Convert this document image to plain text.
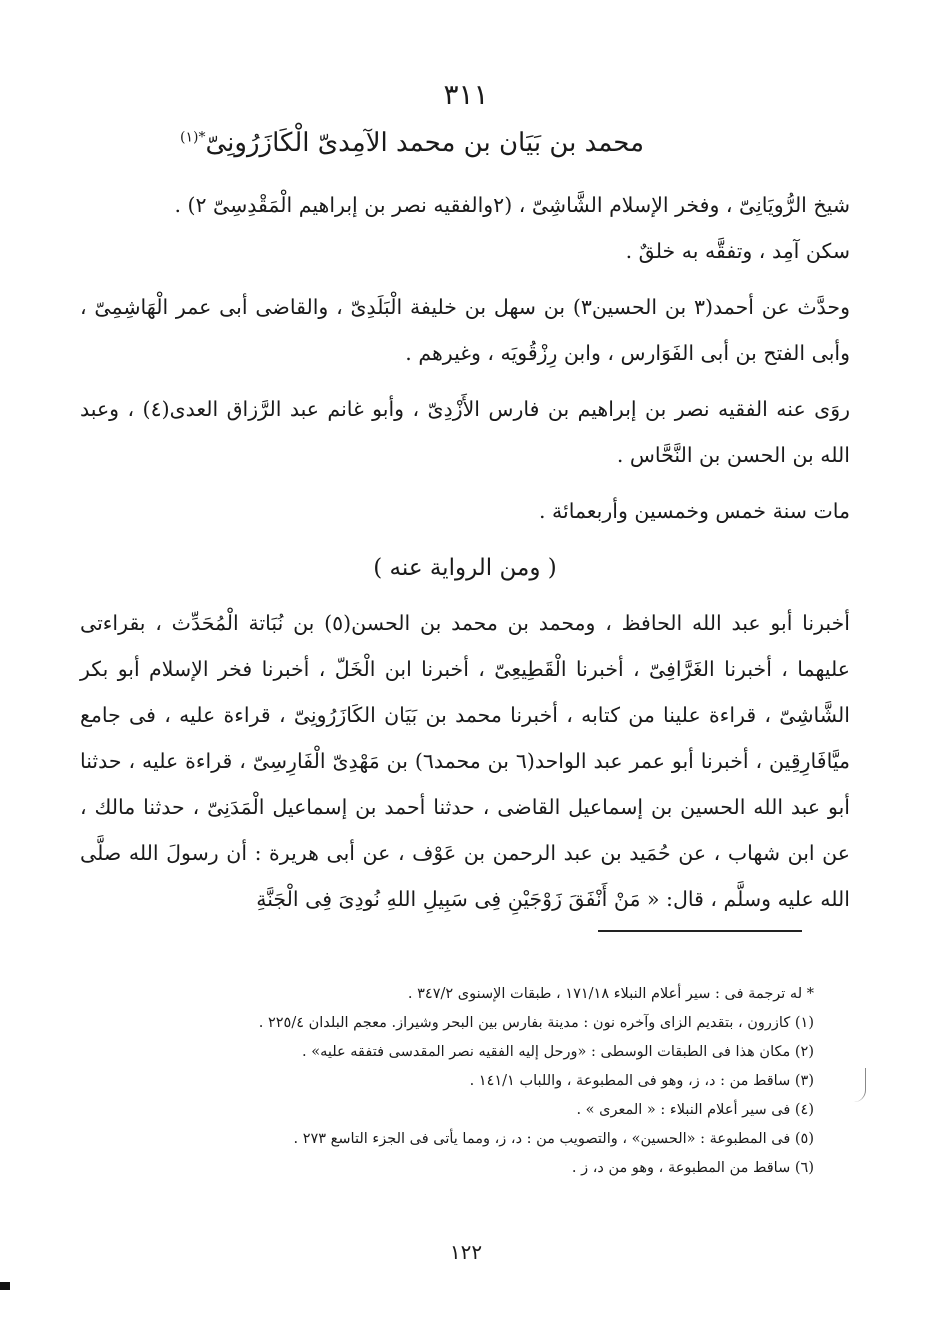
٣١١
محمد بن بَيَان بن محمد الآمِدىّ الْكَازَرُونِىّ$^{*(١)}$

شيخ الرُّويَانِىّ ، وفخر الإسلام الشَّاشِىّ ، (٢والفقيه نصر بن إبراهيم الْمَقْدِسِىّ ٢) .

سكن آمِد ، وتفقَّه به خلقٌ .

وحدَّث عن أحمد(٣ بن الحسين٣) بن سهل بن خليفة الْبَلَدِىّ ، والقاضى أبى عمر الْهَاشِمِىّ ، وأبى الفتح بن أبى الفَوَارس ، وابن رِزْقُويَه ، وغيرهم .

روَى عنه الفقيه نصر بن إبراهيم بن فارس الأَزْدِىّ ، وأبو غانم عبد الرَّزاق العدى(٤) ، وعبد الله بن الحسن بن النَّحَّاس .

مات سنة خمس وخمسين وأربعمائة .

( ومن الرواية عنه )

أخبرنا أبو عبد الله الحافظ ، ومحمد بن محمد بن الحسن(٥) بن نُبَاتة الْمُحَدِّث ، بقراءتى عليهما ، أخبرنا الغَرَّافِىّ ، أخبرنا الْقَطِيعِىّ ، أخبرنا ابن الْخَلّ ، أخبرنا فخر الإسلام أبو بكر الشَّاشِىّ ، قراءة علينا من كتابه ، أخبرنا محمد بن بَيَان الكَازَرُونِىّ ، قراءة عليه ، فى جامع ميَّافَارِقِين ، أخبرنا أبو عمر عبد الواحد(٦ بن محمد٦) بن مَهْدِىّ الْفَارِسِىّ ، قراءة عليه ، حدثنا أبو عبد الله الحسين بن إسماعيل القاضى ، حدثنا أحمد بن إسماعيل الْمَدَنِىّ ، حدثنا مالك ، عن ابن شهاب ، عن حُمَيد بن عبد الرحمن بن عَوْف ، عن أبى هريرة : أن رسولَ الله صلَّى الله عليه وسلَّم ، قال: « مَنْ أَنْفَقَ زَوْجَيْنِ فِى سَبِيلِ اللهِ نُودِىَ فِى الْجَنَّةِ

* له ترجمة فى : سير أعلام النبلاء ١٧١/١٨ ، طبقات الإسنوى ٣٤٧/٢ .
(١) كازرون ، بتقديم الزاى وآخره نون : مدينة بفارس بين البحر وشيراز. معجم البلدان ٢٢٥/٤ .
(٢) مكان هذا فى الطبقات الوسطى : «ورحل إليه الفقيه نصر المقدسى فتفقه عليه» .
(٣) ساقط من : د، ز، وهو فى المطبوعة ، واللباب ١٤١/١ .
(٤) فى سير أعلام النبلاء : « المعرى » .
(٥) فى المطبوعة : «الحسين» ، والتصويب من : د، ز، ومما يأتى فى الجزء التاسع ٢٧٣ .
(٦) ساقط من المطبوعة ، وهو من د، ز .
١٢٢
